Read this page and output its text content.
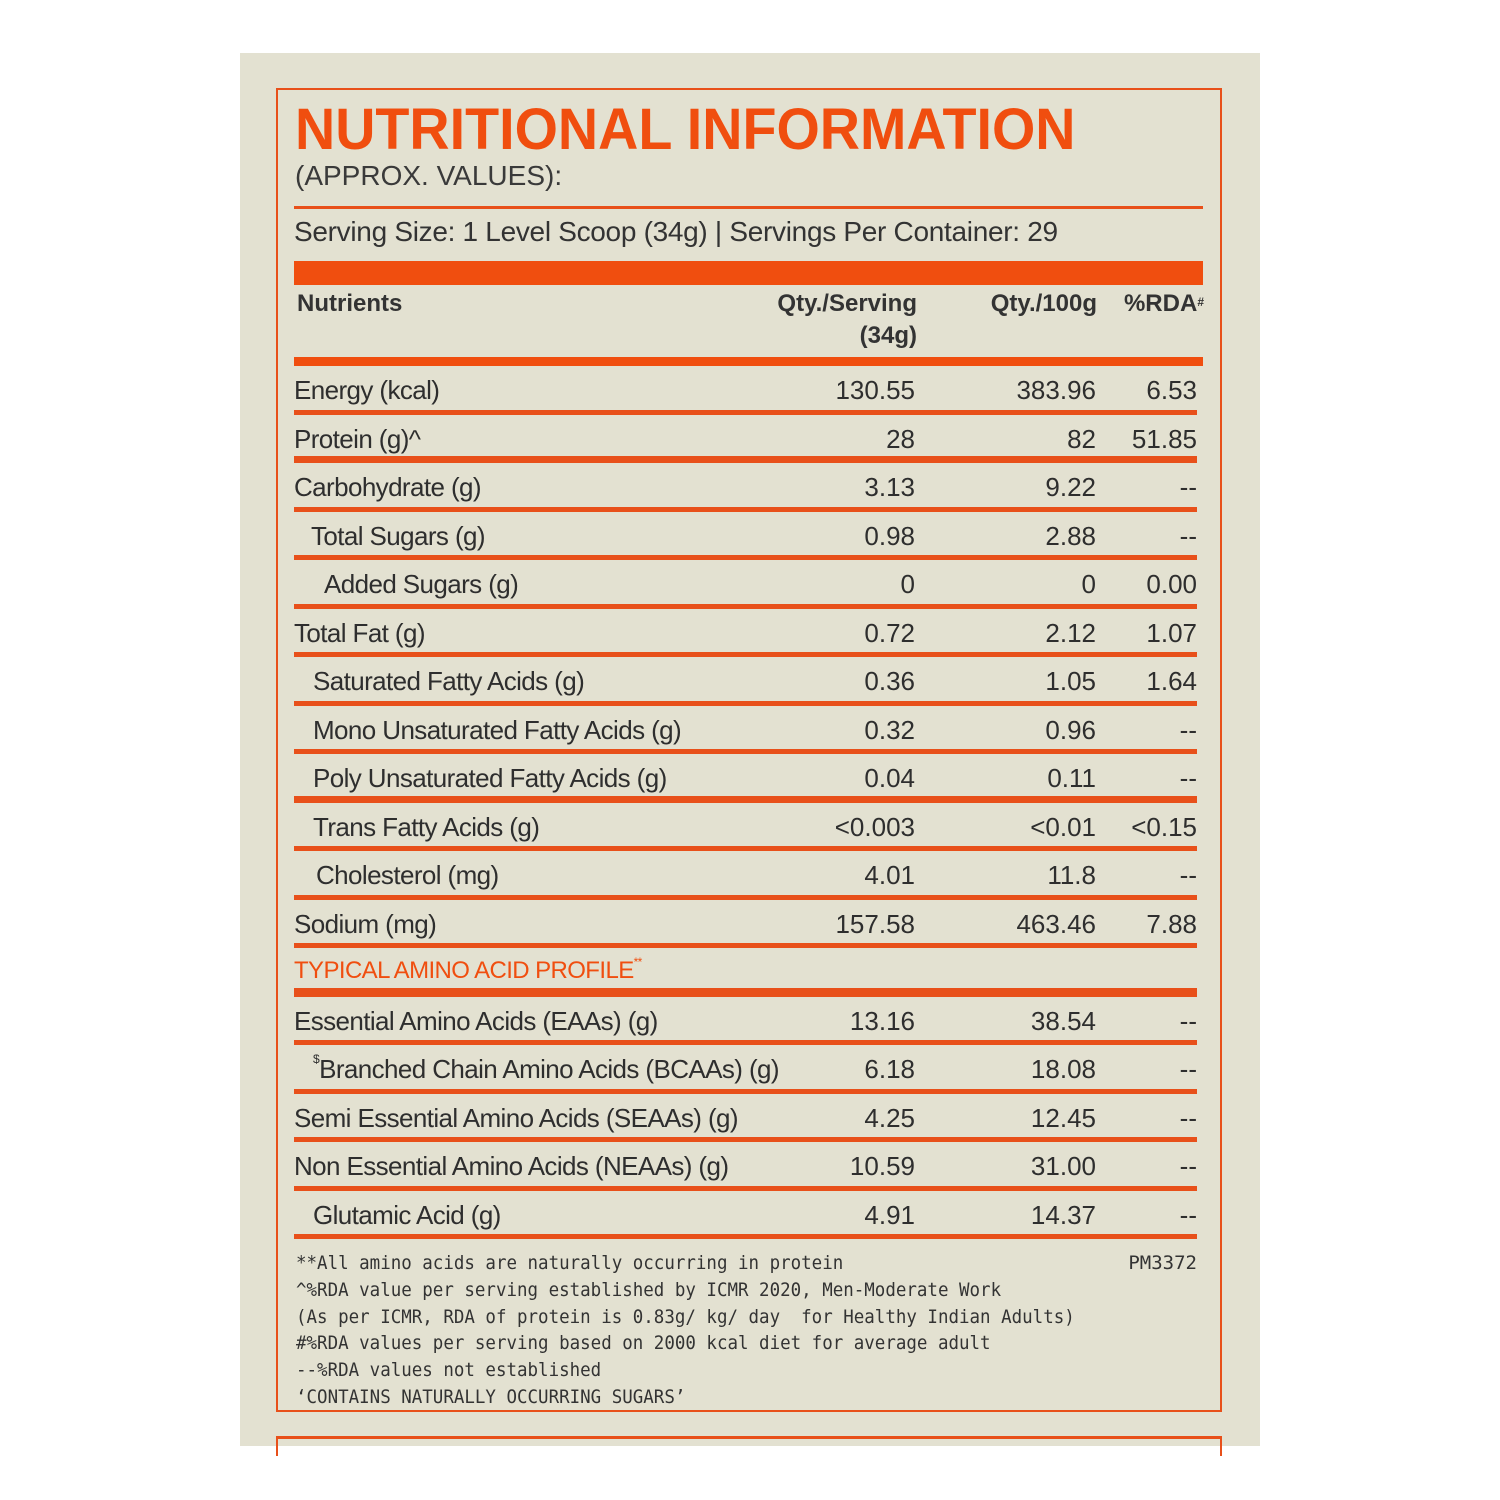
NUTRITIONAL INFORMATION
(APPROX. VALUES):
Serving Size: 1 Level Scoop (34g) | Servings Per Container: 29
Nutrients	Qty./Serving
(34g)
Qty./100g %RDA#
Energy (kcal)	130.55	383.96 6.53
Protein (g)^	28	82 51.85
Carbohydrate (g)	3.13	9.22	--
Total Sugars (g)	0.98	2.88	--
Added Sugars (g)	0	0 0.00
Total Fat (g)	0.72	2.12 1.07
Saturated Fatty Acids (g)	0.36	1.05 1.64
Mono Unsaturated Fatty Acids (g)	0.32	0.96	--
Poly Unsaturated Fatty Acids (g)	0.04	0.11	--
Trans Fatty Acids (g)	<0.003	<0.01 <0.15
Cholesterol (mg)	4.01	11.8	--
Sodium (mg)	157.58	463.46 7.88
TYPICAL AMINO ACID PROFILE**
Essential Amino Acids (EAAs) (g)	13.16	38.54	--
$Branched Chain Amino Acids (BCAAs) (g)	6.18	18.08	--
Semi Essential Amino Acids (SEAAs) (g)	4.25	12.45	--
Non Essential Amino Acids (NEAAs) (g)	10.59	31.00	--
Glutamic Acid (g)	4.91	14.37	--
**All amino acids are naturally occurring in protein
^%RDA value per serving established by ICMR 2020, Men-Moderate Work
(As per ICMR, RDA of protein is 0.83g/ kg/ day  for Healthy Indian Adults)
#%RDA values per serving based on 2000 kcal diet for average adult
--%RDA values not established
‘CONTAINS NATURALLY OCCURRING SUGARS’
PM3372
